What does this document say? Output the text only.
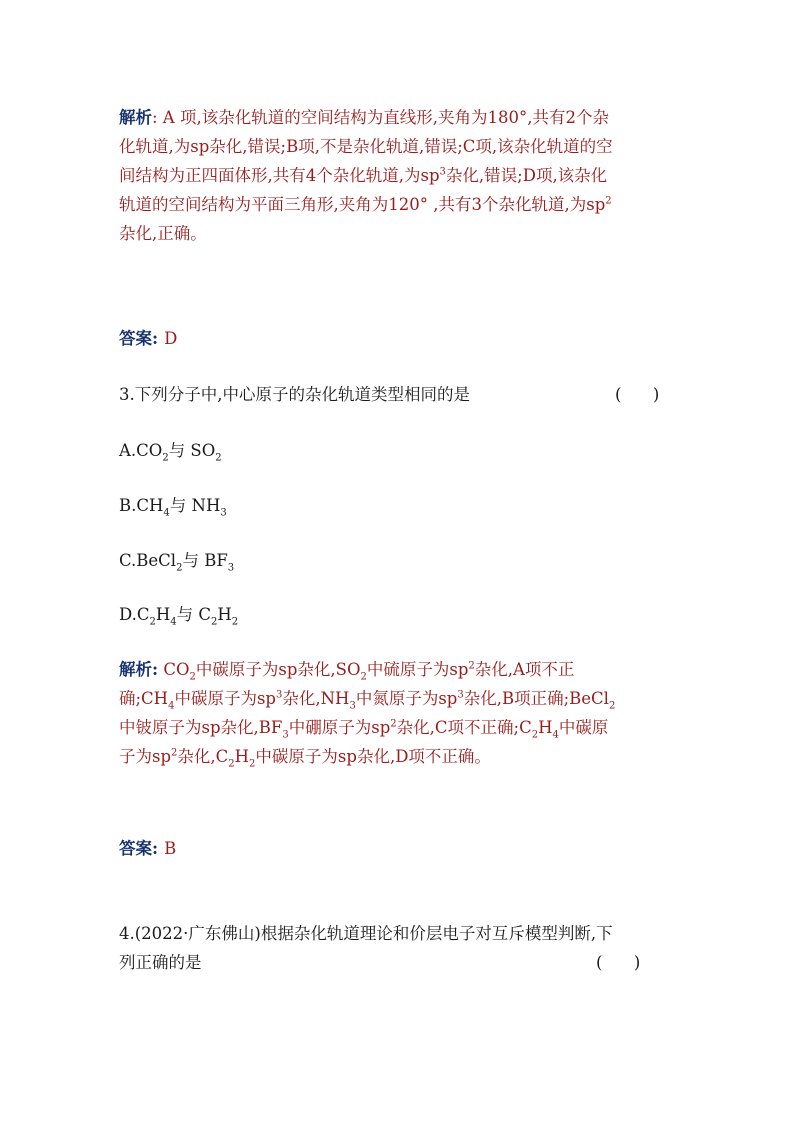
解析: A 项,该杂化轨道的空间结构为直线形,夹角为180°,共有2个杂
化轨道,为sp杂化,错误;B项,不是杂化轨道,错误;C项,该杂化轨道的空
间结构为正四面体形,共有4个杂化轨道,为$sp^3$杂化,错误;D项,该杂化
轨道的空间结构为平面三角形,夹角为120° ,共有3个杂化轨道,为$sp^2$
杂化,正确。
答案: D
3.下列分子中,中心原子的杂化轨道类型相同的是	(      )
$A.CO_2$与 $SO_2$
$B.CH_4$与 $NH_3$
C.BeCl$_2$与 $BF_3$
$D.C_2H_4$与 $C_2H_2$
解析: $CO_2$中碳原子为sp杂化$,SO_2$中硫原子为$sp^2$杂化,A项不正
确$;CH_4$中碳原子为$sp^3$杂化$,NH_3$中氮原子为$sp^3$杂化,B项正确;BeCl$_2$
中铍原子为sp杂化$,BF_3$中硼原子为$sp^2$杂化,C项不正确$;C_2H_4$中碳原
子为$sp^2$杂化$,C_2H_2$中碳原子为sp杂化,D项不正确。
答案: B
4.(2022·广东佛山)根据杂化轨道理论和价层电子对互斥模型判断,下
列正确的是	(      )
